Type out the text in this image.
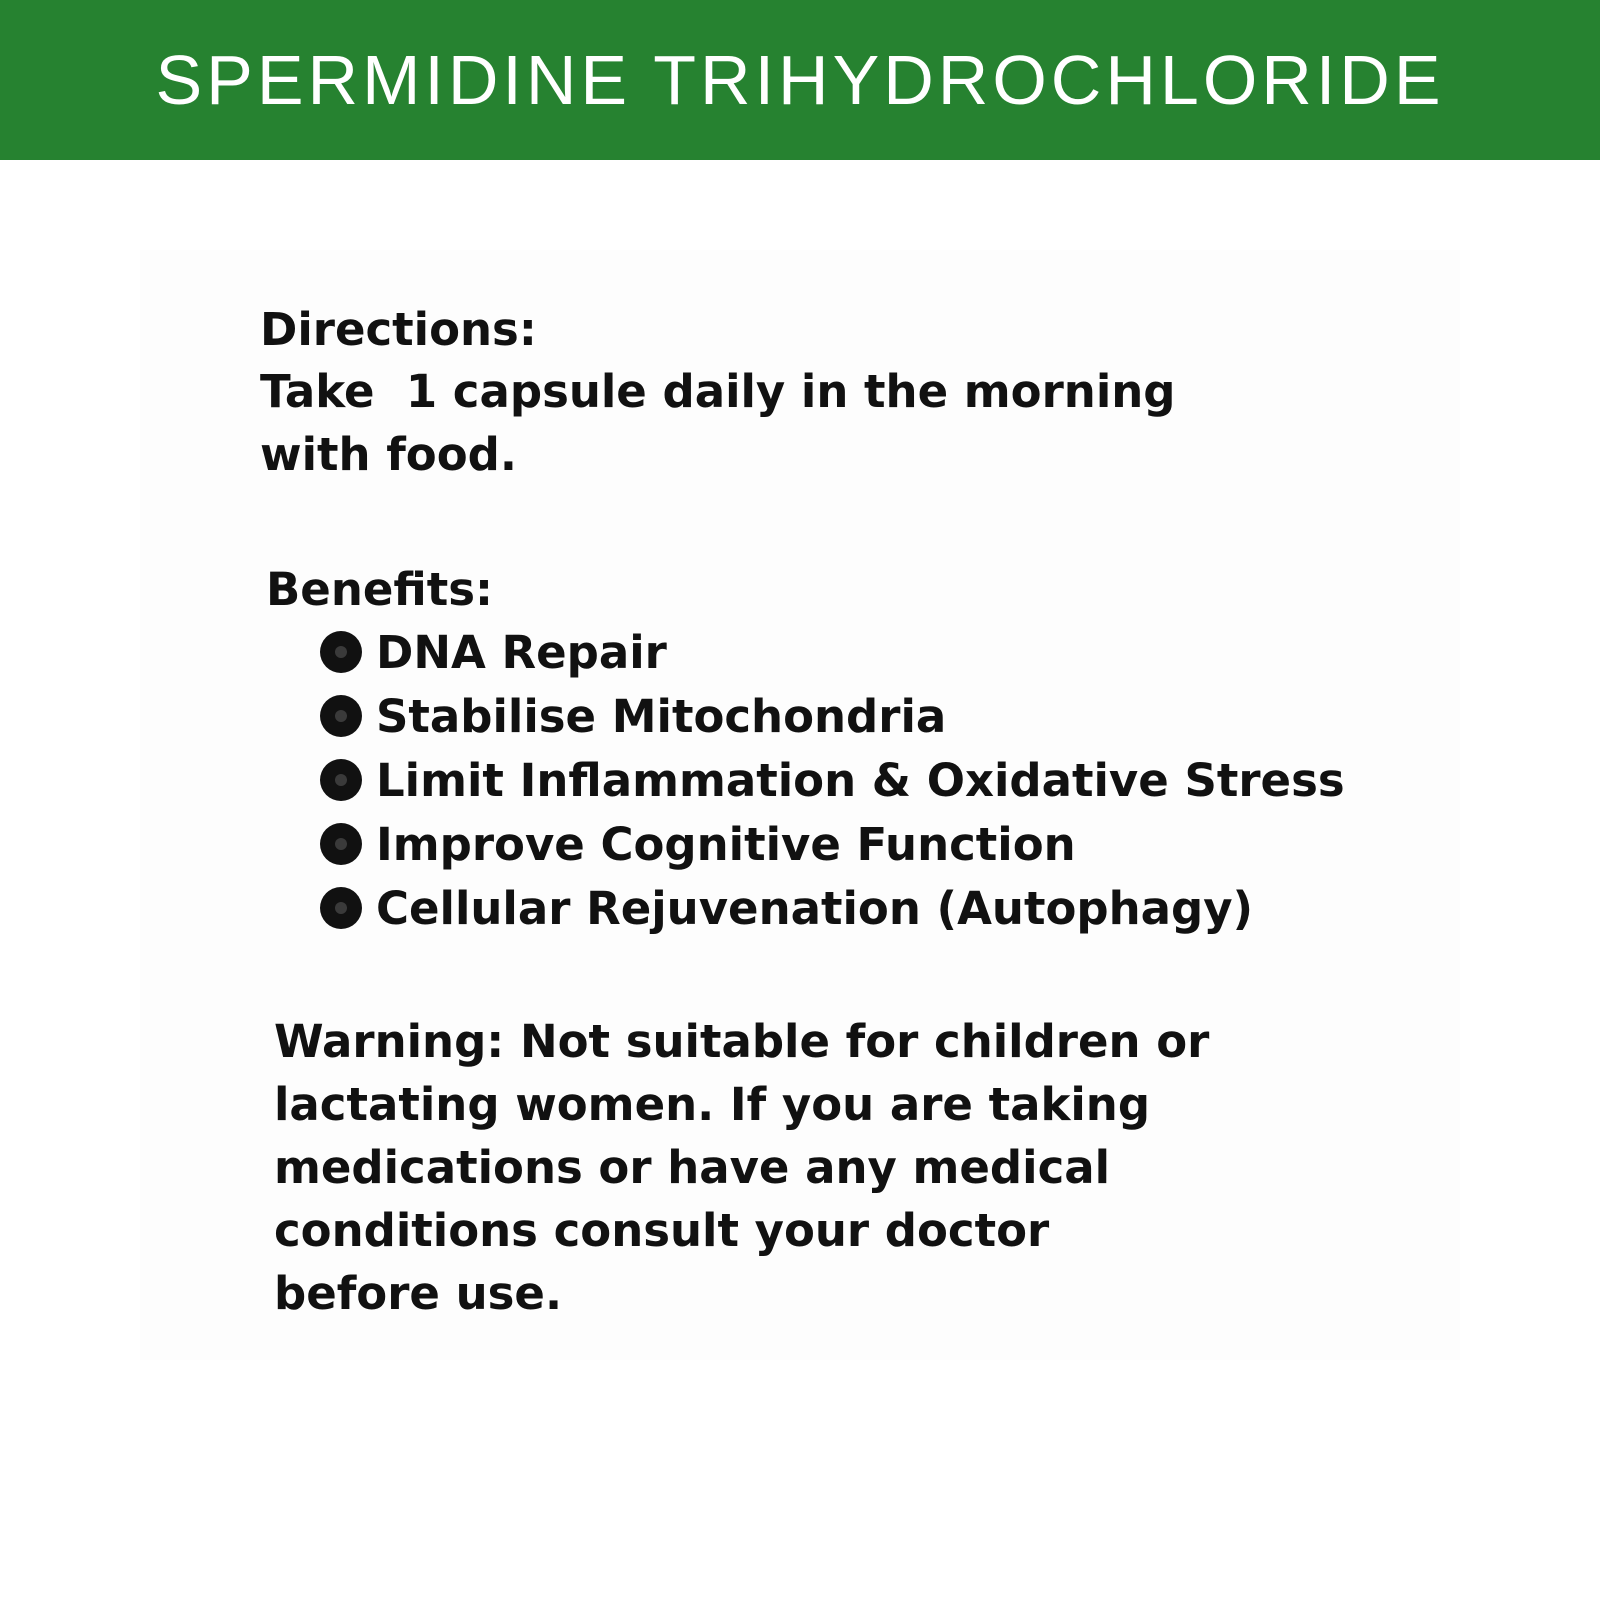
SPERMIDINE TRIHYDROCHLORIDE
Directions:
Take  1 capsule daily in the morning
with food.
Benefits:
DNA Repair
Stabilise Mitochondria
Limit Inflammation & Oxidative Stress
Improve Cognitive Function
Cellular Rejuvenation (Autophagy)
Warning: Not suitable for children or
lactating women. If you are taking
medications or have any medical
conditions consult your doctor
before use.
